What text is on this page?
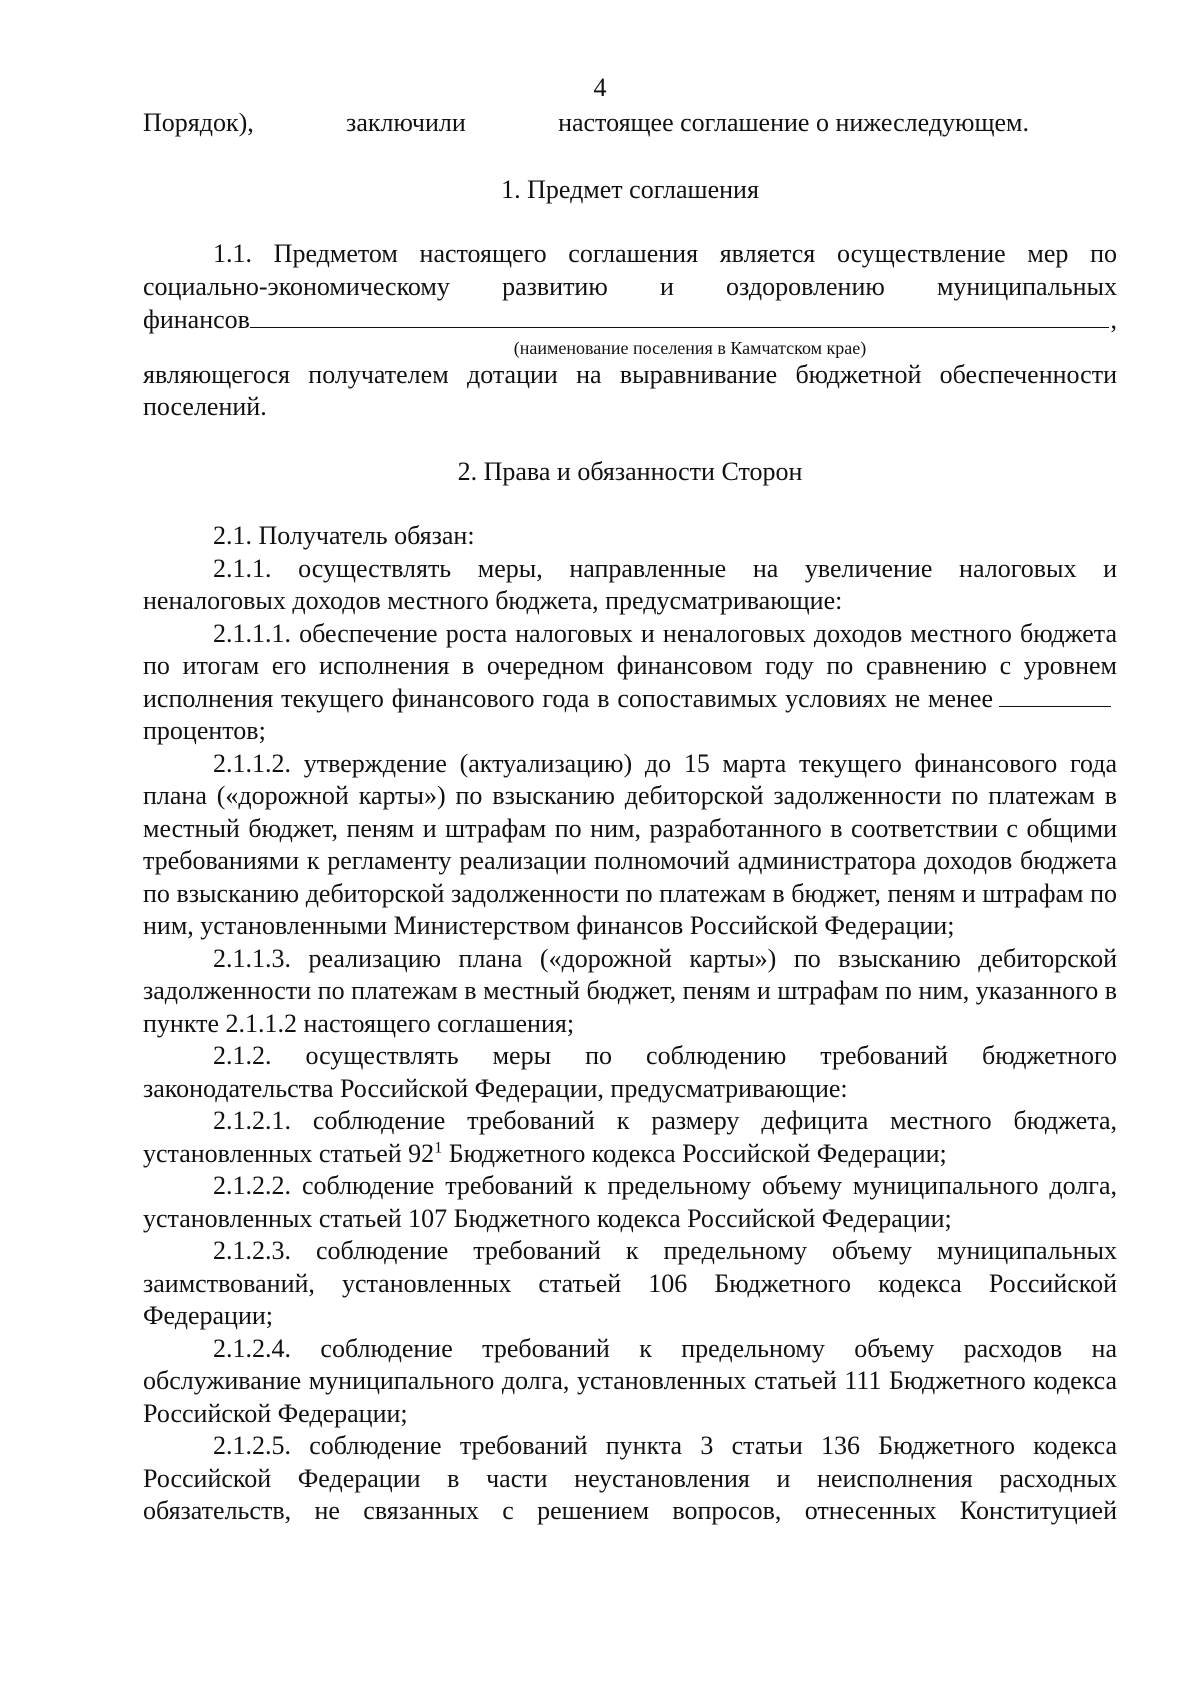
4
Порядок),	заключили	настоящее соглашение о нижеследующем.

1. Предмет соглашения

1.1. Предметом настоящего соглашения является осуществление мер по социально-экономическому развитию и оздоровлению муниципальных

финансов	,
(наименование поселения в Камчатском крае)

являющегося получателем дотации на выравнивание бюджетной обеспеченности поселений.

2. Права и обязанности Сторон

2.1. Получатель обязан:

2.1.1. осуществлять меры, направленные на увеличение налоговых и неналоговых доходов местного бюджета, предусматривающие:

2.1.1.1. обеспечение роста налоговых и неналоговых доходов местного бюджета по итогам его исполнения в очередном финансовом году по сравнению с уровнем исполнения текущего финансового года в сопоставимых условиях не менеепроцентов;

2.1.1.2. утверждение (актуализацию) до 15 марта текущего финансового года плана («дорожной карты») по взысканию дебиторской задолженности по платежам в местный бюджет, пеням и штрафам по ним, разработанного в соответствии с общими требованиями к регламенту реализации полномочий администратора доходов бюджета по взысканию дебиторской задолженности по платежам в бюджет, пеням и штрафам по ним, установленными Министерством финансов Российской Федерации;

2.1.1.3. реализацию плана («дорожной карты») по взысканию дебиторской задолженности по платежам в местный бюджет, пеням и штрафам по ним, указанного в пункте 2.1.1.2 настоящего соглашения;

2.1.2. осуществлять меры по соблюдению требований бюджетного законодательства Российской Федерации, предусматривающие:

2.1.2.1. соблюдение требований к размеру дефицита местного бюджета, установленных статьей $92^1$ Бюджетного кодекса Российской Федерации;

2.1.2.2. соблюдение требований к предельному объему муниципального долга, установленных статьей 107 Бюджетного кодекса Российской Федерации;

2.1.2.3. соблюдение требований к предельному объему муниципальных заимствований, установленных статьей 106 Бюджетного кодекса Российской Федерации;

2.1.2.4. соблюдение требований к предельному объему расходов на обслуживание муниципального долга, установленных статьей 111 Бюджетного кодекса Российской Федерации;

2.1.2.5. соблюдение требований пункта 3 статьи 136 Бюджетного кодекса Российской Федерации в части неустановления и неисполнения расходных обязательств, не связанных с решением вопросов, отнесенных Конституцией
